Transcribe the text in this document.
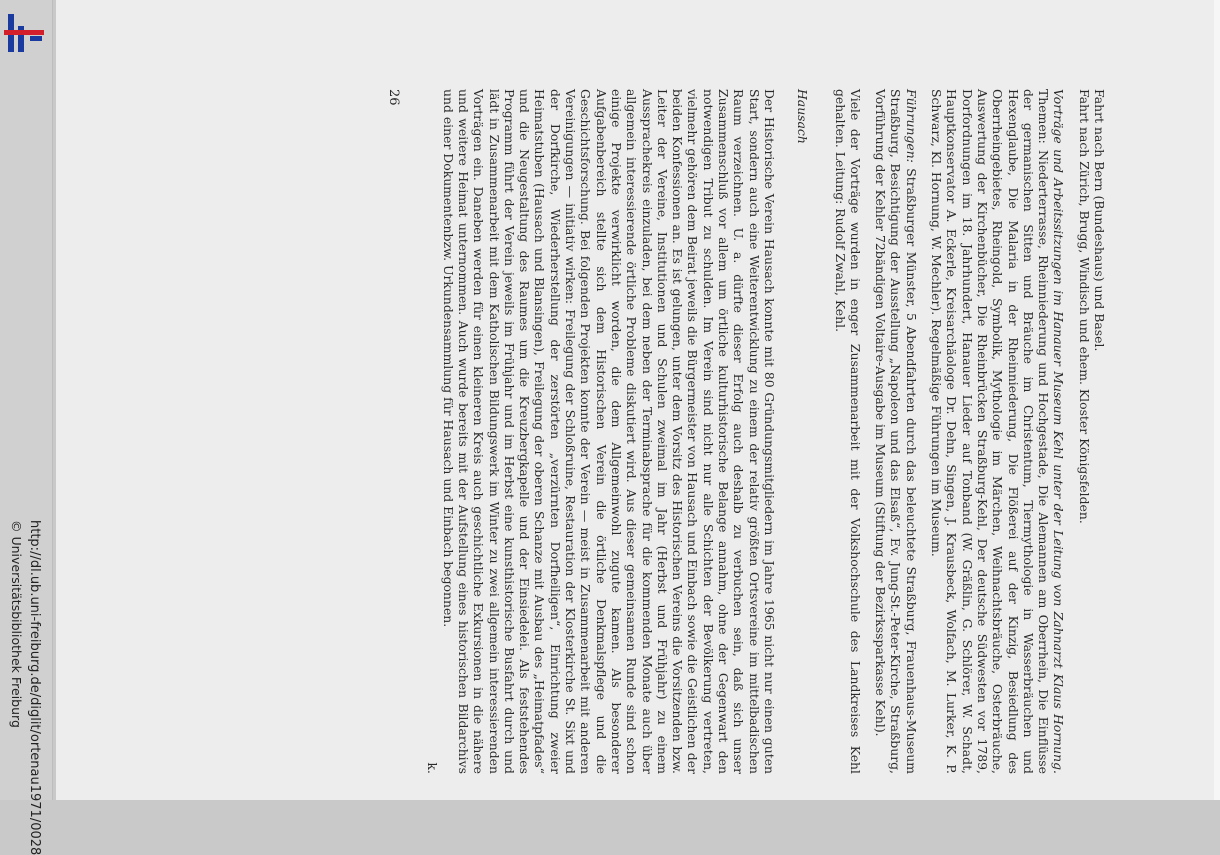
http://dl.ub.uni-freiburg.de/diglit/ortenau1971/0028
© Universitätsbibliothek Freiburg

Fahrt nach Bern (Bundeshaus) und Basel.

Fahrt nach Zürich, Brugg, Windisch und ehem. Kloster Königsfelden.

Vorträge und Arbeitssitzungen im Hanauer Museum Kehl unter der Leitung von Zahnarzt Klaus Hornung. Themen: Niederterrasse, Rheinniederung und Hochgestade, Die Alemannen am Oberrhein, Die Einflüsse der germanischen Sitten und Bräuche im Christentum, Tiermythologie in Wasserbräuchen und Hexenglaube, Die Malaria in der Rheinniederung, Die Flößerei auf der Kinzig, Besiedlung des Oberrheingebietes, Rheingold, Symbolik, Mythologie im Märchen, Weihnachtsbräuche, Osterbräuche, Auswertung der Kirchenbücher, Die Rheinbrücken Straßburg-Kehl, Der deutsche Südwesten vor 1789, Dorfordnungen im 18. Jahrhundert, Hanauer Lieder auf Tonband (W. Gräßlin, G. Schlörer, W. Schadt, Hauptkonservator A. Eckerle, Kreisarchäologe Dr. Dehn, Singen, J. Krausbeck, Wolfach, M. Lurker, K. P. Schwarz, Kl. Hornung, W. Mechler). Regelmäßige Führungen im Museum.

Führungen: Straßburger Münster, 5 Abendfahrten durch das beleuchtete Straßburg, Frauenhaus-Museum Straßburg, Besichtigung der Ausstellung „Napoleon und das Elsaß“, Ev. Jung-St.-Peter-Kirche, Straßburg, Vorführung der Kehler 72bändigen Voltaire-Ausgabe im Museum (Stiftung der Bezirkssparkasse Kehl).

Viele der Vorträge wurden in enger Zusammenarbeit mit der Volkshochschule des Landkreises Kehl gehalten. Leitung: Rudolf Zwahl, Kehl.

Hausach

Der Historische Verein Hausach konnte mit 80 Gründungsmitgliedern im Jahre 1965 nicht nur einen guten Start, sondern auch eine Weiterentwicklung zu einem der relativ größten Ortsvereine im mittelbadischen Raum verzeichnen. U. a. dürfte dieser Erfolg auch deshalb zu verbuchen sein, daß sich unser Zusammenschluß vor allem um örtliche kulturhistorische Belange annahm, ohne der Gegenwart den notwendigen Tribut zu schulden. Im Verein sind nicht nur alle Schichten der Bevölkerung vertreten, vielmehr gehören dem Beirat jeweils die Bürgermeister von Hausach und Einbach sowie die Geistlichen der beiden Konfessionen an. Es ist gelungen, unter dem Vorsitz des Historischen Vereins die Vorsitzenden bzw. Leiter der Vereine, Institutionen und Schulen zweimal im Jahr (Herbst und Frühjahr) zu einem Aussprachekreis einzuladen, bei dem neben der Terminabsprache für die kommenden Monate auch über allgemein interessierende örtliche Probleme diskutiert wird. Aus dieser gemeinsamen Runde sind schon einige Projekte verwirklicht worden, die dem Allgemeinwohl zugute kamen. Als besonderer Aufgabenbereich stellte sich dem Historischen Verein die örtliche Denkmalspflege und die Geschichtsforschung. Bei folgenden Projekten konnte der Verein — meist in Zusammenarbeit mit anderen Vereinigungen — initiativ wirken: Freilegung der Schloßruine, Restauration der Klosterkirche St. Sixt und der Dorfkirche, Wiederherstellung der zerstörten „verzürnten Dorfheiligen“, Einrichtung zweier Heimatstuben (Hausach und Blansingen), Freilegung der oberen Schanze mit Ausbau des „Heimatpfades“ und die Neugestaltung des Raumes um die Kreuzbergkapelle und der Einsiedelei. Als feststehendes Programm führt der Verein jeweils im Frühjahr und im Herbst eine kunsthistorische Busfahrt durch und lädt in Zusammenarbeit mit dem Katholischen Bildungswerk im Winter zu zwei allgemein interessierenden Vorträgen ein. Daneben werden für einen kleineren Kreis auch geschichtliche Exkursionen in die nähere und weitere Heimat unternommen. Auch wurde bereits mit der Aufstellung eines historischen Bildarchivs und einer Dokumentenbzw. Urkundensammlung für Hausach und Einbach begonnen.

k.

26
